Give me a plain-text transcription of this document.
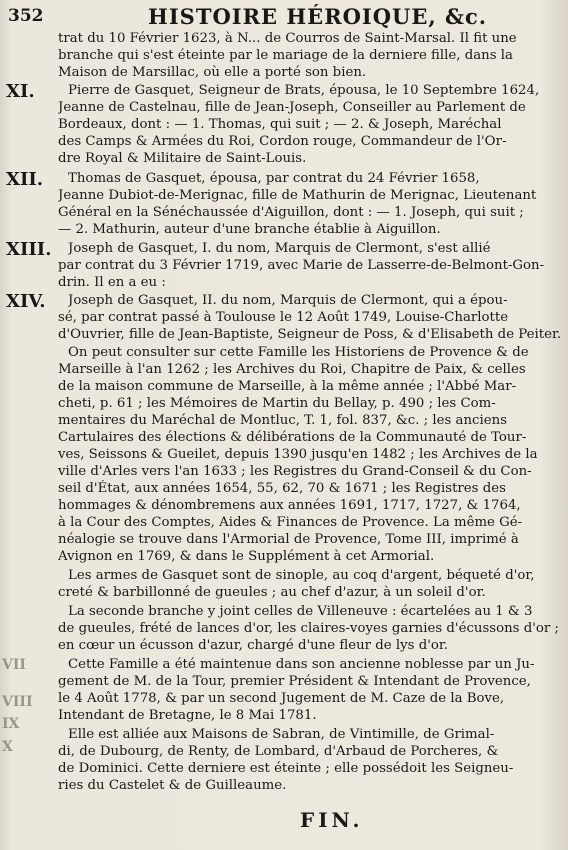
352	HISTOIRE HÉROIQUE, &c.
XI.
XII.
XIII.
XIV.
VII
VIII
IX
X
trat du 10 Février 1623, à N... de Courros de Saint-Marsal. Il fit une
branche qui s'est éteinte par le mariage de la derniere fille, dans la
Maison de Marsillac, où elle a porté son bien.
Pierre de Gasquet, Seigneur de Brats, épousa, le 10 Septembre 1624,
Jeanne de Castelnau, fille de Jean-Joseph, Conseiller au Parlement de
Bordeaux, dont : — 1. Thomas, qui suit ; — 2. & Joseph, Maréchal
des Camps & Armées du Roi, Cordon rouge, Commandeur de l'Or-
dre Royal & Militaire de Saint-Louis.
Thomas de Gasquet, épousa, par contrat du 24 Février 1658,
Jeanne Dubiot-de-Merignac, fille de Mathurin de Merignac, Lieutenant
Général en la Sénéchaussée d'Aiguillon, dont : — 1. Joseph, qui suit ;
— 2. Mathurin, auteur d'une branche établie à Aiguillon.
Joseph de Gasquet, I. du nom, Marquis de Clermont, s'est allié
par contrat du 3 Février 1719, avec Marie de Lasserre-de-Belmont-Gon-
drin. Il en a eu :
Joseph de Gasquet, II. du nom, Marquis de Clermont, qui a épou-
sé, par contrat passé à Toulouse le 12 Août 1749, Louise-Charlotte
d'Ouvrier, fille de Jean-Baptiste, Seigneur de Poss, & d'Elisabeth de Peiter.
On peut consulter sur cette Famille les Historiens de Provence & de
Marseille à l'an 1262 ; les Archives du Roi, Chapitre de Paix, & celles
de la maison commune de Marseille, à la même année ; l'Abbé Mar-
cheti, p. 61 ; les Mémoires de Martin du Bellay, p. 490 ; les Com-
mentaires du Maréchal de Montluc, T. 1, fol. 837, &c. ; les anciens
Cartulaires des élections & délibérations de la Communauté de Tour-
ves, Seissons & Gueilet, depuis 1390 jusqu'en 1482 ; les Archives de la
ville d'Arles vers l'an 1633 ; les Registres du Grand-Conseil & du Con-
seil d'État, aux années 1654, 55, 62, 70 & 1671 ; les Registres des
hommages & dénombremens aux années 1691, 1717, 1727, & 1764,
à la Cour des Comptes, Aides & Finances de Provence. La même Gé-
néalogie se trouve dans l'Armorial de Provence, Tome III, imprimé à
Avignon en 1769, & dans le Supplément à cet Armorial.
Les armes de Gasquet sont de sinople, au coq d'argent, béqueté d'or,
creté & barbillonné de gueules ; au chef d'azur, à un soleil d'or.
La seconde branche y joint celles de Villeneuve : écartelées au 1 & 3
de gueules, frété de lances d'or, les claires-voyes garnies d'écussons d'or ;
en cœur un écusson d'azur, chargé d'une fleur de lys d'or.
Cette Famille a été maintenue dans son ancienne noblesse par un Ju-
gement de M. de la Tour, premier Président & Intendant de Provence,
le 4 Août 1778, & par un second Jugement de M. Caze de la Bove,
Intendant de Bretagne, le 8 Mai 1781.
Elle est alliée aux Maisons de Sabran, de Vintimille, de Grimal-
di, de Dubourg, de Renty, de Lombard, d'Arbaud de Porcheres, &
de Dominici. Cette derniere est éteinte ; elle possédoit les Seigneu-
ries du Castelet & de Guilleaume.
FIN.
